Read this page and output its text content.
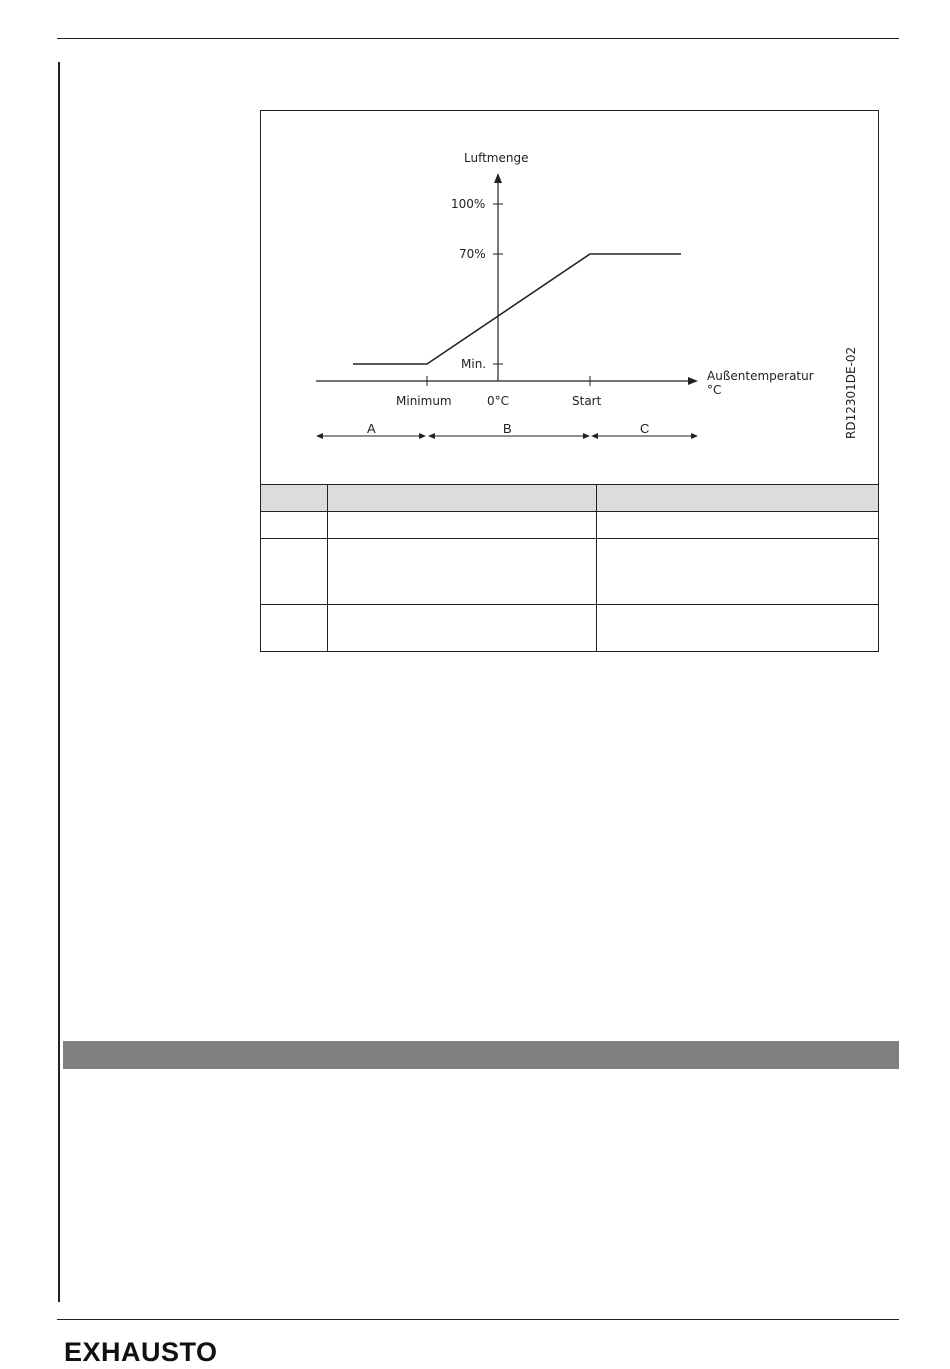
Luftmenge
100%
70%
Min.
Außentemperatur
°C
Minimum	0°C	Start
A	B	C	RD12301DE-02

EXHAUSTO
